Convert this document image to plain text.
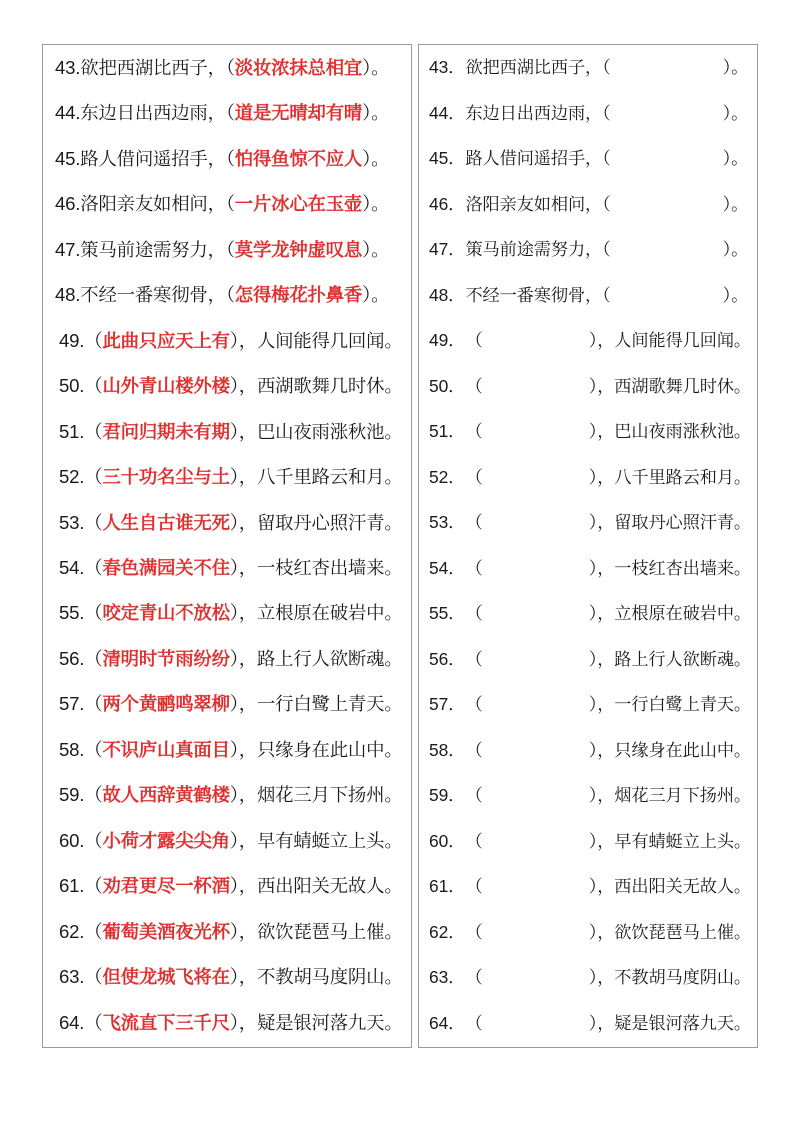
43. 欲把西湖比西子，（ 淡妆浓抹总相宜 ）。
44. 东边日出西边雨，（ 道是无晴却有晴 ）。
45. 路人借问遥招手，（ 怕得鱼惊不应人 ）。
46. 洛阳亲友如相问，（ 一片冰心在玉壶 ）。
47. 策马前途需努力，（ 莫学龙钟虚叹息 ）。
48. 不经一番寒彻骨，（ 怎得梅花扑鼻香 ）。
49. （ 此曲只应天上有 ），人间能得几回闻。
50. （ 山外青山楼外楼 ），西湖歌舞几时休。
51. （ 君问归期未有期 ），巴山夜雨涨秋池。
52. （ 三十功名尘与土 ），八千里路云和月。
53. （ 人生自古谁无死 ），留取丹心照汗青。
54. （ 春色满园关不住 ），一枝红杏出墙来。
55. （ 咬定青山不放松 ），立根原在破岩中。
56. （ 清明时节雨纷纷 ），路上行人欲断魂。
57. （ 两个黄鹂鸣翠柳 ），一行白鹭上青天。
58. （ 不识庐山真面目 ），只缘身在此山中。
59. （ 故人西辞黄鹤楼 ），烟花三月下扬州。
60. （ 小荷才露尖尖角 ），早有蜻蜓立上头。
61. （ 劝君更尽一杯酒 ），西出阳关无故人。
62. （ 葡萄美酒夜光杯 ），欲饮琵琶马上催。
63. （ 但使龙城飞将在 ），不教胡马度阴山。
64. （ 飞流直下三千尺 ），疑是银河落九天。
43． 欲把西湖比西子，（	）。
44． 东边日出西边雨，（	）。
45． 路人借问遥招手，（	）。
46． 洛阳亲友如相问，（	）。
47． 策马前途需努力，（	）。
48． 不经一番寒彻骨，（	）。
49． （	），人间能得几回闻。
50． （	），西湖歌舞几时休。
51． （	），巴山夜雨涨秋池。
52． （	），八千里路云和月。
53． （	），留取丹心照汗青。
54． （	），一枝红杏出墙来。
55． （	），立根原在破岩中。
56． （	），路上行人欲断魂。
57． （	），一行白鹭上青天。
58． （	），只缘身在此山中。
59． （	），烟花三月下扬州。
60． （	），早有蜻蜓立上头。
61． （	），西出阳关无故人。
62． （	），欲饮琵琶马上催。
63． （	），不教胡马度阴山。
64． （	），疑是银河落九天。
